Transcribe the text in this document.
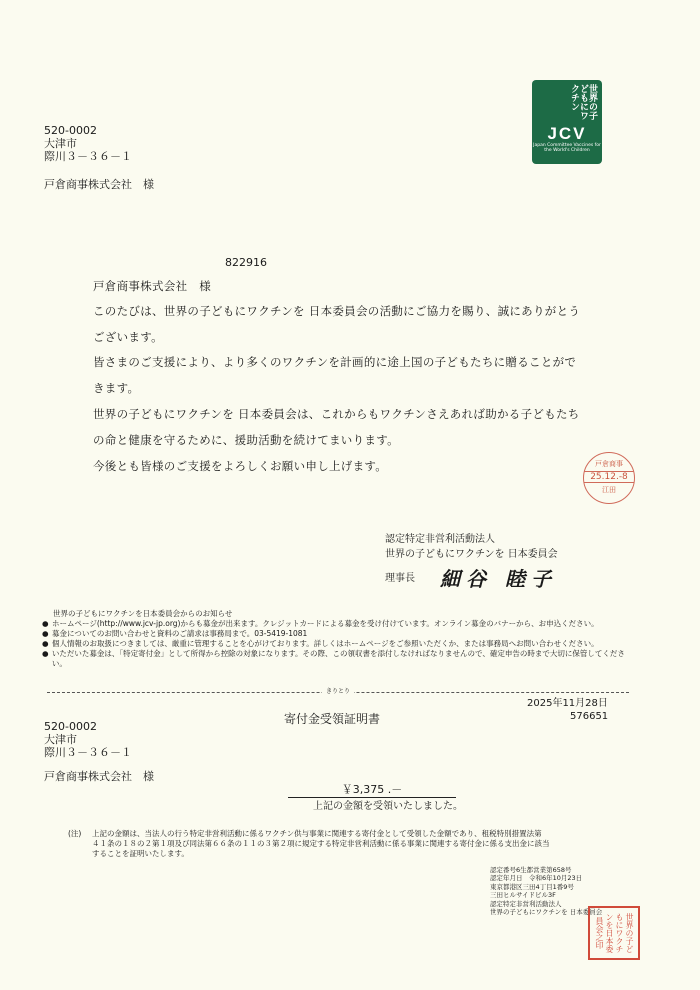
世界の子どもにワクチン
JCV
Japan Committee Vaccines for the World's Children
520-0002
大津市
際川３－３６－１
戸倉商事株式会社　様
822916
戸倉商事株式会社　様
このたびは、世界の子どもにワクチンを 日本委員会の活動にご協力を賜り、誠にありがとう
ございます。
皆さまのご支援により、より多くのワクチンを計画的に途上国の子どもたちに贈ることがで
きます。
世界の子どもにワクチンを 日本委員会は、これからもワクチンさえあれば助かる子どもたち
の命と健康を守るために、援助活動を続けてまいります。
今後とも皆様のご支援をよろしくお願い申し上げます。	戸倉商事
25.12.-8
江田
認定特定非営利活動法人
世界の子どもにワクチンを 日本委員会
理事長 細谷 睦子
世界の子どもにワクチンを日本委員会からのお知らせ
● ホームページ(http://www.jcv-jp.org)からも募金が出来ます。クレジットカードによる募金を受け付けています。オンライン募金のバナーから、お申込ください。
● 募金についてのお問い合わせと資料のご請求は事務局まで。03-5419-1081
● 個人情報のお取扱につきましては、厳重に管理することを心がけております。詳しくはホームページをご参照いただくか、または事務局へお問い合わせください。
● いただいた募金は、「特定寄付金」として所得から控除の対象になります。その際、この領収書を添付しなければなりませんので、確定申告の時まで大切に保管してください。
きりとり
2025年11月28日
576651
寄付金受領証明書
520-0002
大津市
際川３－３６－１
戸倉商事株式会社　様
￥3,375 .－
上記の金額を受領いたしました。
(注) 上記の金額は、当法人の行う特定非営利活動に係るワクチン供与事業に関連する寄付金として受領した金額であり、租税特別措置法第
４１条の１８の２第１項及び同法第６６条の１１の３第２項に規定する特定非営利活動に係る事業に関連する寄付金に係る支出金に該当
することを証明いたします。
認定番号6生都営業第658号
認定年月日　令和6年10月23日
東京都港区三田4丁目1番9号
三田ヒルサイドビル3F
認定特定非営利活動法人
世界の子どもにワクチンを 日本委員会
世界の子どもにワクチンを日本委員会之印
